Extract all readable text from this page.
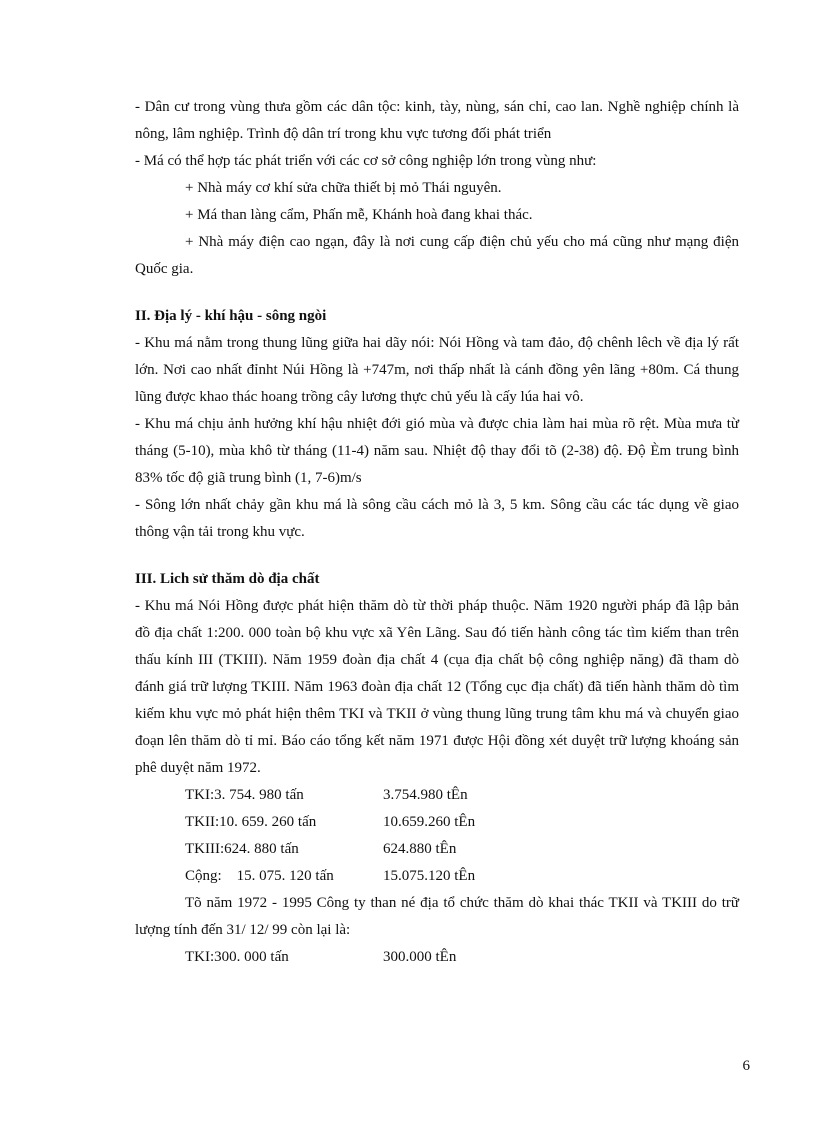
- Dân cư trong vùng thưa gồm các dân tộc: kinh, tày, nùng, sán chỉ, cao lan. Nghề nghiệp chính là nông, lâm nghiệp. Trình độ dân trí trong khu vực tương đối phát triển

- Má có thể hợp tác phát triển với các cơ sở công nghiệp lớn trong vùng như:

+ Nhà máy cơ khí sửa chữa thiết bị mỏ Thái nguyên.

+ Má than làng cẩm, Phấn mễ, Khánh hoà đang khai thác.

+ Nhà máy điện cao ngạn, đây là nơi cung cấp điện chủ yếu cho má cũng như mạng điện Quốc gia.

II. Địa lý - khí hậu - sông ngòi

- Khu má nằm trong thung lũng giữa hai dãy nói: Nói Hồng và tam đảo, độ chênh lêch về địa lý rất lớn. Nơi cao nhất đỉnht Núi Hồng là +747m, nơi thấp nhất là cánh đồng yên lãng +80m. Cá thung lũng được khao thác hoang trồng cây lương thực chủ yếu là cấy lúa hai vô.

- Khu má chịu ảnh hưởng khí hậu nhiệt đới gió mùa và được chia làm hai mùa rõ rệt. Mùa mưa từ tháng (5-10), mùa khô từ tháng (11-4) năm sau. Nhiệt độ thay đổi tõ (2-38) độ. Độ Èm trung bình 83% tốc độ giã trung bình (1, 7-6)m/s

- Sông lớn nhất chảy gần khu má là sông cầu cách mỏ là 3, 5 km. Sông cầu các tác dụng về giao thông vận tải trong khu vực.

III. Lich sử thăm dò địa chất

- Khu má Nói Hồng được phát hiện thăm dò từ thời pháp thuộc. Năm 1920 người pháp đã lập bản đồ địa chất 1:200. 000 toàn bộ khu vực xã Yên Lãng. Sau đó tiến hành công tác tìm kiếm than trên thấu kính III (TKIII). Năm 1959 đoàn địa chất 4 (cụa địa chất bộ công nghiệp năng) đã tham dò đánh giá trữ lượng TKIII. Năm 1963 đoàn địa chất 12 (Tổng cục địa chất) đã tiến hành thăm dò tìm kiếm khu vực mỏ phát hiện thêm TKI và TKII ở vùng thung lũng trung tâm khu má và chuyển giao đoạn lên thăm dò tỉ mỉ. Báo cáo tổng kết năm 1971 được Hội đồng xét duyệt trữ lượng khoáng sản phê duyệt năm 1972.

TKI:3. 754. 980 tấn	3.754.980 tÊn
TKII:10. 659. 260 tấn	10.659.260 tÊn
TKIII:624. 880 tấn	624.880 tÊn
Cộng:    15. 075. 120 tấn	15.075.120 tÊn

Tõ năm 1972 - 1995 Công ty than né địa tổ chức thăm dò khai thác TKII và TKIII do trữ lượng tính đến 31/ 12/ 99 còn lại là:

TKI:300. 000 tấn	300.000 tÊn
6
